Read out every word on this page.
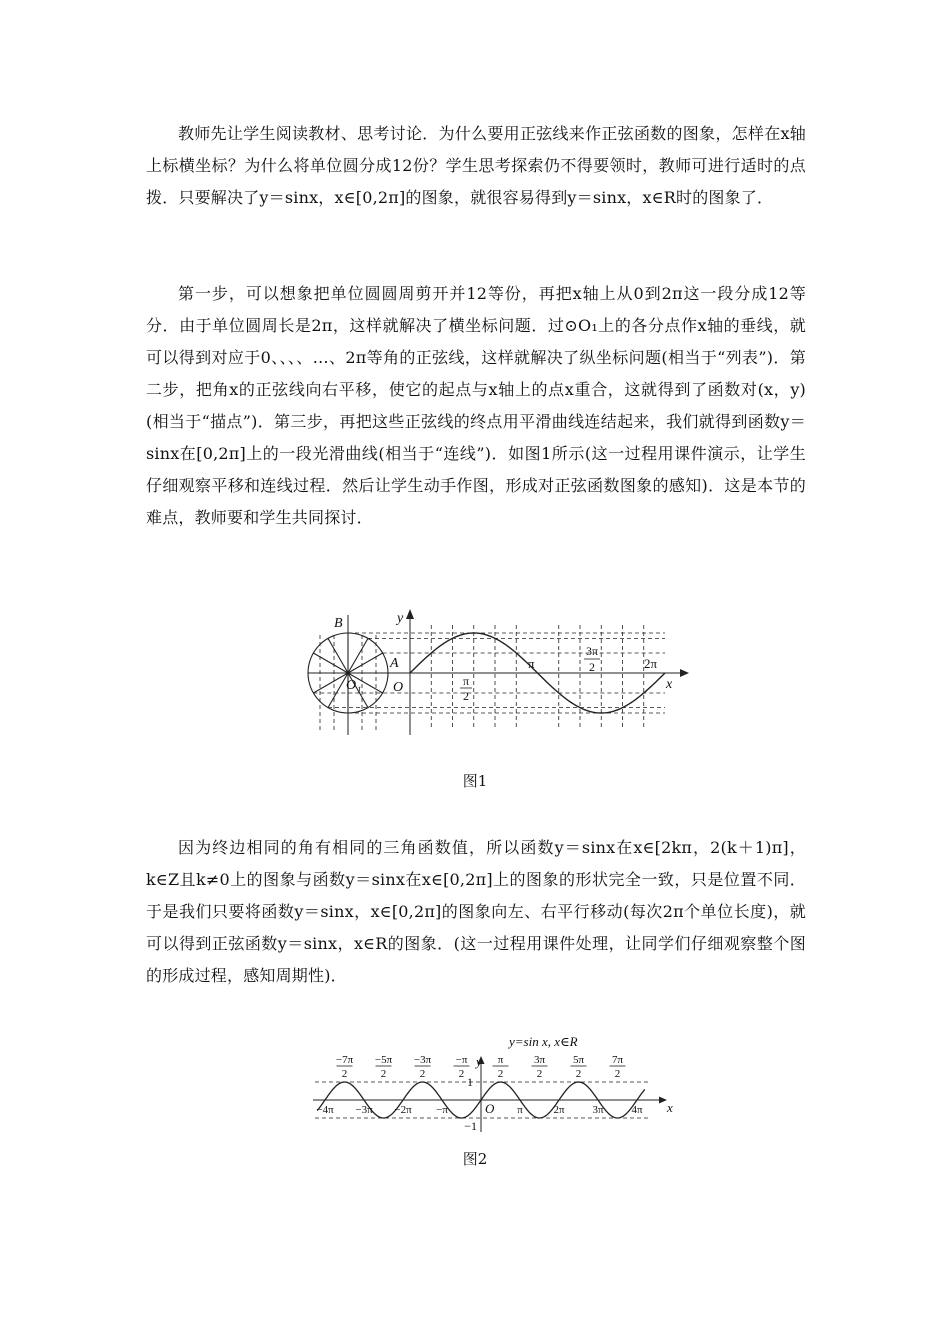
教师先让学生阅读教材、思考讨论．为什么要用正弦线来作正弦函数的图象，怎样在x轴上标横坐标？为什么将单位圆分成12份？学生思考探索仍不得要领时，教师可进行适时的点拨．只要解决了y＝sinx，x∈[0,2π]的图象，就很容易得到y＝sinx，x∈R时的图象了．
第一步，可以想象把单位圆圆周剪开并12等份，再把x轴上从0到2π这一段分成12等分．由于单位圆周长是2π，这样就解决了横坐标问题．过⊙O₁上的各分点作x轴的垂线，就可以得到对应于0、、、、…、2π等角的正弦线，这样就解决了纵坐标问题(相当于“列表”)．第二步，把角x的正弦线向右平移，使它的起点与x轴上的点x重合，这就得到了函数对(x，y)(相当于“描点”)．第三步，再把这些正弦线的终点用平滑曲线连结起来，我们就得到函数y＝sinx在[0,2π]上的一段光滑曲线(相当于“连线”)．如图1所示(这一过程用课件演示，让学生仔细观察平移和连线过程．然后让学生动手作图，形成对正弦函数图象的感知)．这是本节的难点，教师要和学生共同探讨．
B
A
O 1 O
y
x
π
π
2
3π
2	2π
图1
因为终边相同的角有相同的三角函数值，所以函数y＝sinx在x∈[2kπ，2(k＋1)π]，k∈Z且k≠0上的图象与函数y＝sinx在x∈[0,2π]上的图象的形状完全一致，只是位置不同．于是我们只要将函数y＝sinx，x∈[0,2π]的图象向左、右平行移动(每次2π个单位长度)，就可以得到正弦函数y＝sinx，x∈R的图象．(这一过程用课件处理，让同学们仔细观察整个图的形成过程，感知周期性)．
y=sin x, x∈R
−7π
2
−5π
2
−3π
2
−π
2
π
2
3π
2
5π
2
7π
2
−4π −3π −2π −π	π	2π	3π	4π
y
x
O
1
−1
图2
